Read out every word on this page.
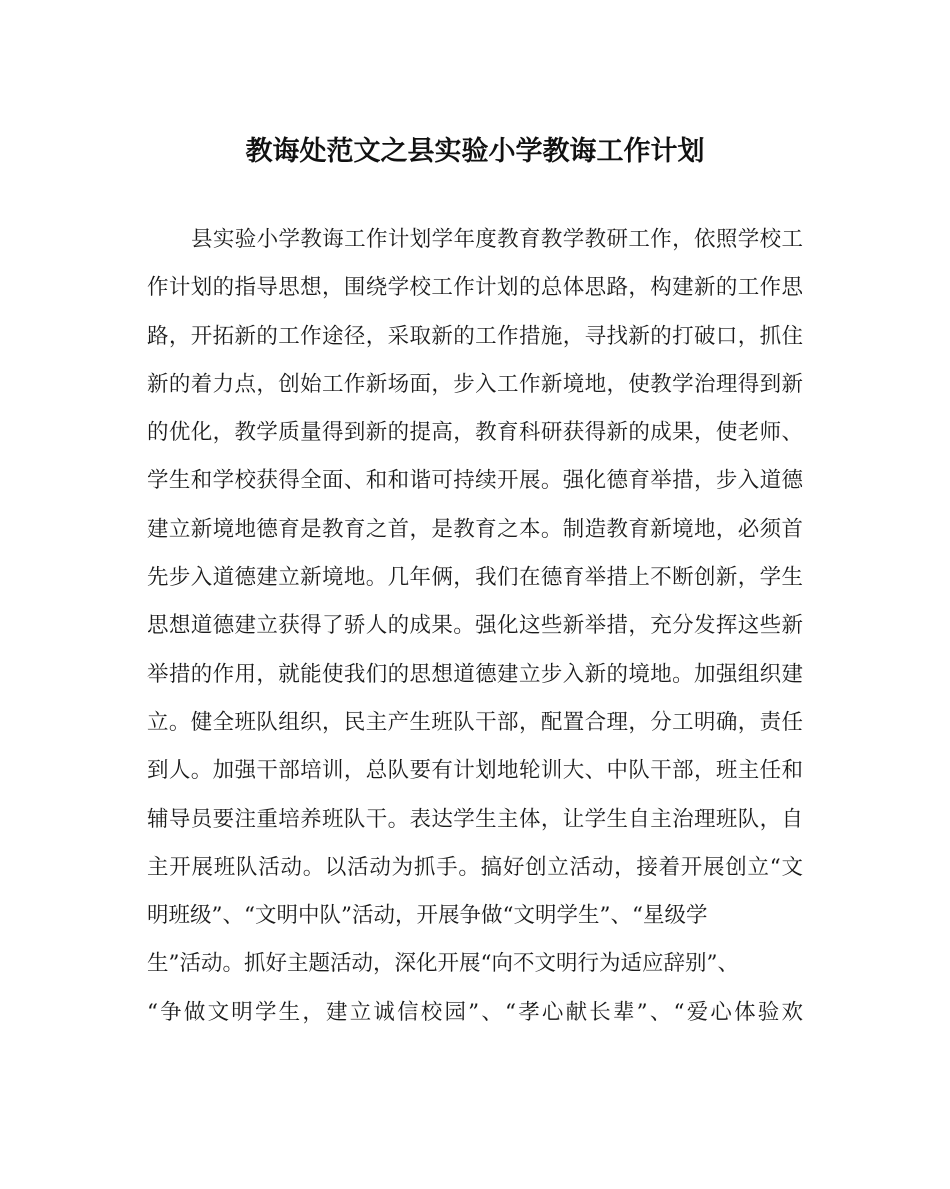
教诲处范文之县实验小学教诲工作计划
县实验小学教诲工作计划学年度教育教学教研工作，依照学校工
作计划的指导思想，围绕学校工作计划的总体思路，构建新的工作思
路，开拓新的工作途径，采取新的工作措施，寻找新的打破口，抓住
新的着力点，创始工作新场面，步入工作新境地，使教学治理得到新
的优化，教学质量得到新的提高，教育科研获得新的成果，使老师、
学生和学校获得全面、和和谐可持续开展。强化德育举措，步入道德
建立新境地德育是教育之首，是教育之本。制造教育新境地，必须首
先步入道德建立新境地。几年俩，我们在德育举措上不断创新，学生
思想道德建立获得了骄人的成果。强化这些新举措，充分发挥这些新
举措的作用，就能使我们的思想道德建立步入新的境地。加强组织建
立。健全班队组织，民主产生班队干部，配置合理，分工明确，责任
到人。加强干部培训，总队要有计划地轮训大、中队干部，班主任和
辅导员要注重培养班队干。表达学生主体，让学生自主治理班队，自
主开展班队活动。以活动为抓手。搞好创立活动，接着开展创立“文
明班级”、“文明中队”活动，开展争做“文明学生”、“星级学
生”活动。抓好主题活动，深化开展“向不文明行为适应辞别”、
“争做文明学生，建立诚信校园”、“孝心献长辈”、“爱心体验欢
